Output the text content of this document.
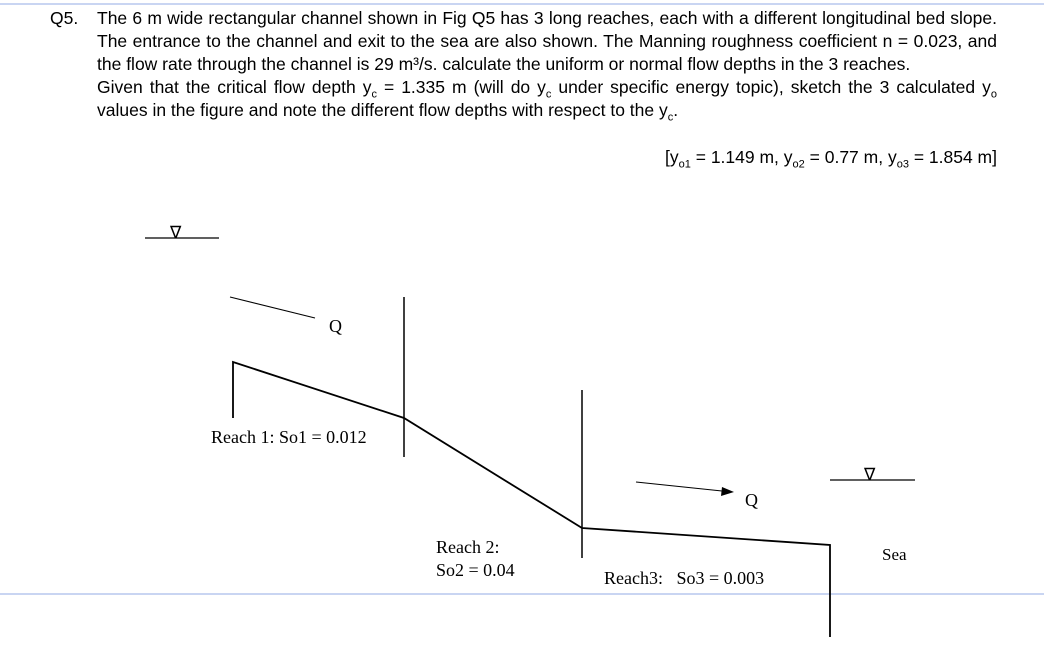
Q5. The 6 m wide rectangular channel shown in Fig Q5 has 3 long reaches, each with a different longitudinal bed slope. The entrance to the channel and exit to the sea are also shown. The Manning roughness coefficient n = 0.023, and the flow rate through the channel is 29 m³/s. calculate the uniform or normal flow depths in the 3 reaches.

Given that the critical flow depth $y_c = 1.335$ m (will do $y_c$ under specific energy topic), sketch the 3 calculated $y_o$ values in the figure and note the different flow depths with respect to the $y_c$.

[$y_{o1} = 1.149$ m, $y_{o2} = 0.77$ m, $y_{o3} = 1.854$ m]
∇
Q
Q
∇
Reach 1: So1 = 0.012
Reach 2:
So2 = 0.04	Reach3:   So3 = 0.003
Sea
